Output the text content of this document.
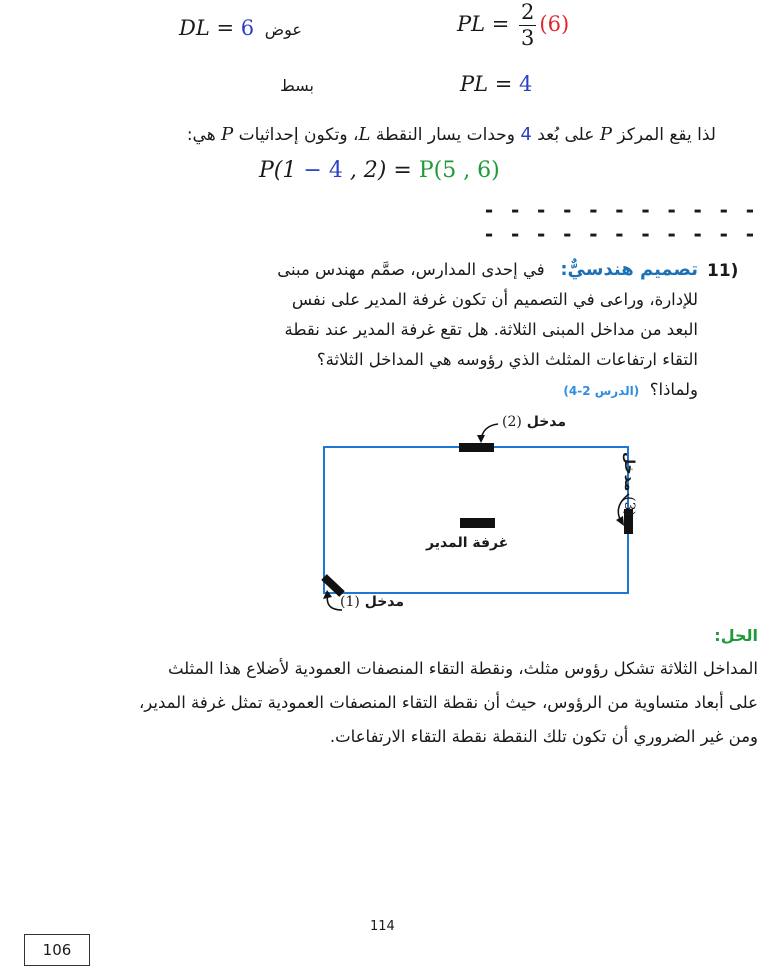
DL = 6 عوض	PL = $\frac{2}{3} (6)$
بسط	PL = 4
لذا يقع المركز P على بُعد 4 وحدات يسار النقطة L، وتكون إحداثيات P هي:
P(1 − 4 , 2) = P(5 , 6)
- - - - - - - - - - - - - - - - - - - - - -
11)
تصميم هندسيٌّ:   في إحدى المدارس، صمَّم مهندس مبنى
للإدارة، وراعى في التصميم أن تكون غرفة المدير على نفس
البعد من مداخل المبنى الثلاثة. هل تقع غرفة المدير عند نقطة
التقاء ارتفاعات المثلث الذي رؤوسه هي المداخل الثلاثة؟
ولماذا؟  (الدرس 2-4)
(2) مدخل
مدخل (3)
غرفة المدير
(1) مدخل
الحل:
المداخل الثلاثة تشكل رؤوس مثلث، ونقطة التقاء المنصفات العمودية لأضلاع هذا المثلث
على أبعاد متساوية من الرؤوس، حيث أن نقطة التقاء المنصفات العمودية تمثل غرفة المدير،
ومن غير الضروري أن تكون تلك النقطة نقطة التقاء الارتفاعات.
114
106
